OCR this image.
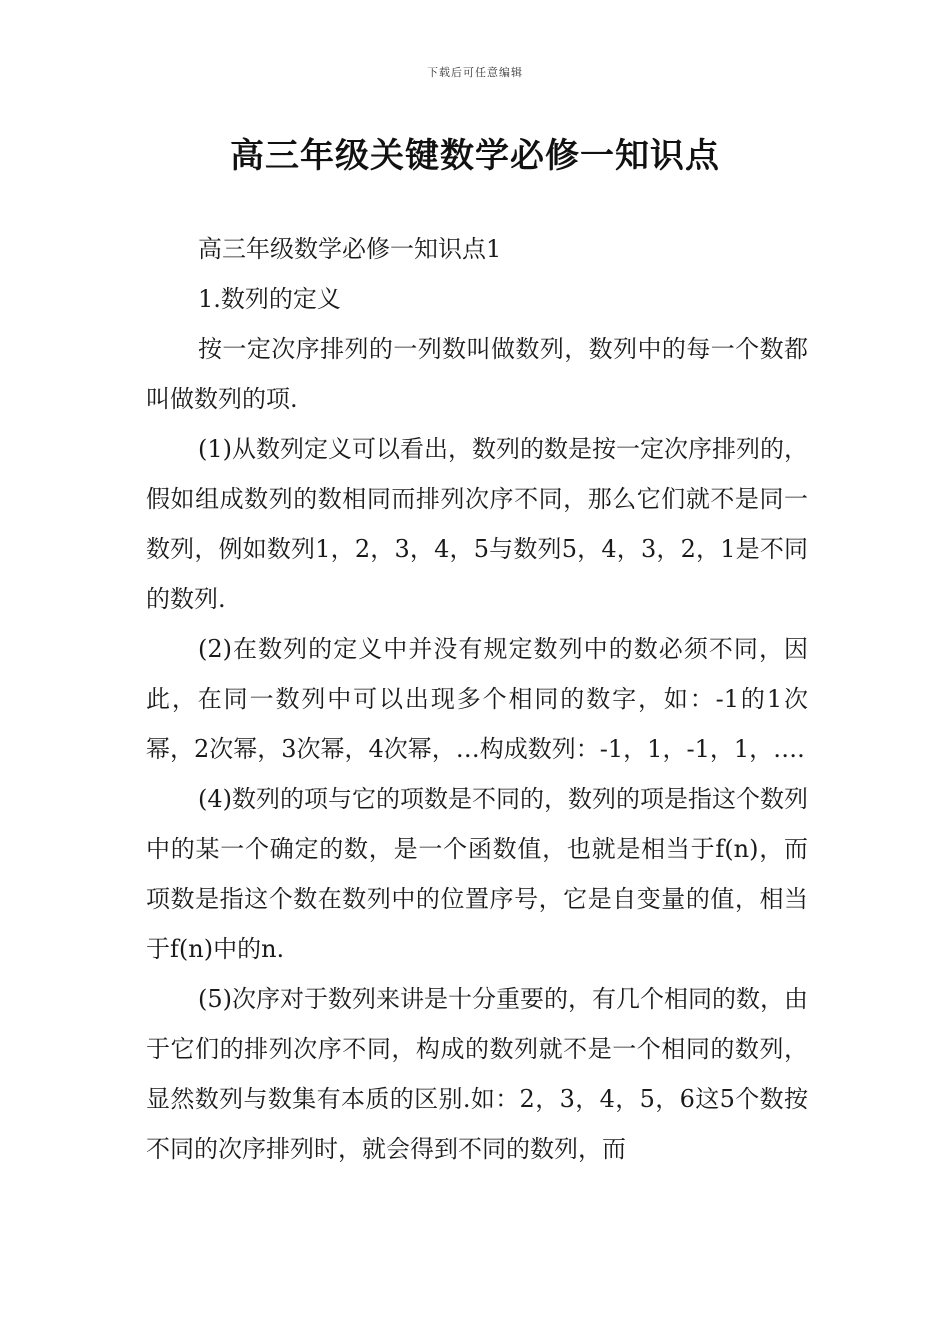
下载后可任意编辑
高三年级关键数学必修一知识点

高三年级数学必修一知识点1

1.数列的定义

按一定次序排列的一列数叫做数列，数列中的每一个数都叫做数列的项.

(1)从数列定义可以看出，数列的数是按一定次序排列的，假如组成数列的数相同而排列次序不同，那么它们就不是同一数列，例如数列1，2，3，4，5与数列5，4，3，2，1是不同的数列.

(2)在数列的定义中并没有规定数列中的数必须不同，因此，在同一数列中可以出现多个相同的数字，如：-1的1次幂，2次幂，3次幂，4次幂，…构成数列：-1，1，-1，1，….

(4)数列的项与它的项数是不同的，数列的项是指这个数列中的某一个确定的数，是一个函数值，也就是相当于f(n)，而项数是指这个数在数列中的位置序号，它是自变量的值，相当于f(n)中的n.

(5)次序对于数列来讲是十分重要的，有几个相同的数，由于它们的排列次序不同，构成的数列就不是一个相同的数列，显然数列与数集有本质的区别.如：2，3，4，5，6这5个数按不同的次序排列时，就会得到不同的数列，而
